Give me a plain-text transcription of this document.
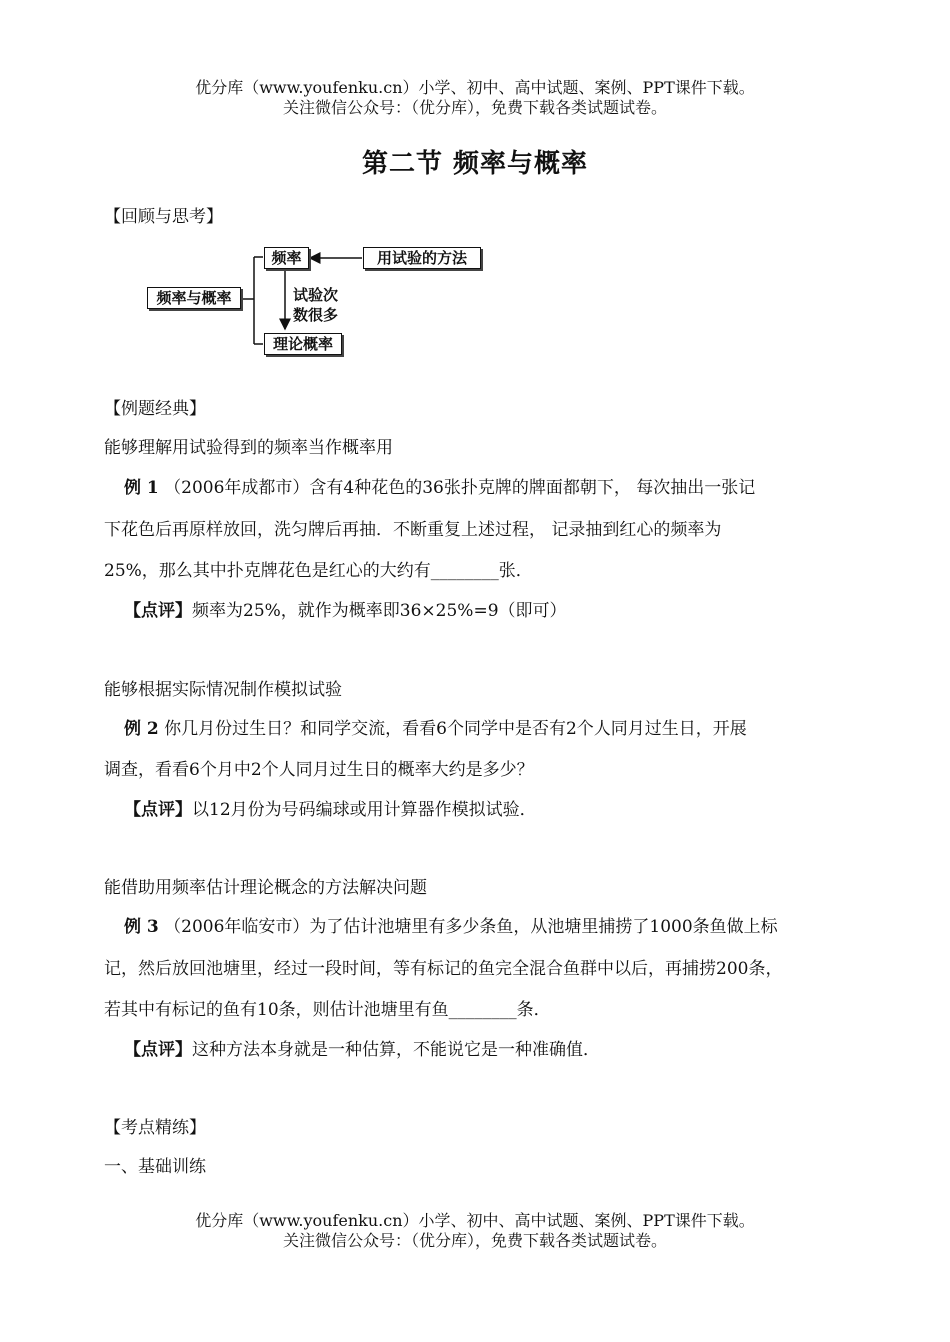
优分库（www.youfenku.cn）小学、初中、高中试题、案例、PPT课件下载。
关注微信公众号：（优分库），免费下载各类试题试卷。
第二节 频率与概率
【回顾与思考】
频率与概率
频率	用试验的方法
试验次
数很多
理论概率
【例题经典】
能够理解用试验得到的频率当作概率用
例 1 （2006年成都市）含有4种花色的36张扑克牌的牌面都朝下， 每次抽出一张记
下花色后再原样放回，洗匀牌后再抽．不断重复上述过程， 记录抽到红心的频率为
25%，那么其中扑克牌花色是红心的大约有________张．
【点评】频率为25%，就作为概率即36×25%=9（即可）
能够根据实际情况制作模拟试验
例 2 你几月份过生日？和同学交流，看看6个同学中是否有2个人同月过生日，开展
调查，看看6个月中2个人同月过生日的概率大约是多少？
【点评】以12月份为号码编球或用计算器作模拟试验．
能借助用频率估计理论概念的方法解决问题
例 3 （2006年临安市）为了估计池塘里有多少条鱼，从池塘里捕捞了1000条鱼做上标
记，然后放回池塘里，经过一段时间，等有标记的鱼完全混合鱼群中以后，再捕捞200条，
若其中有标记的鱼有10条，则估计池塘里有鱼________条．
【点评】这种方法本身就是一种估算，不能说它是一种准确值．
【考点精练】
一、基础训练
优分库（www.youfenku.cn）小学、初中、高中试题、案例、PPT课件下载。
关注微信公众号：（优分库），免费下载各类试题试卷。
